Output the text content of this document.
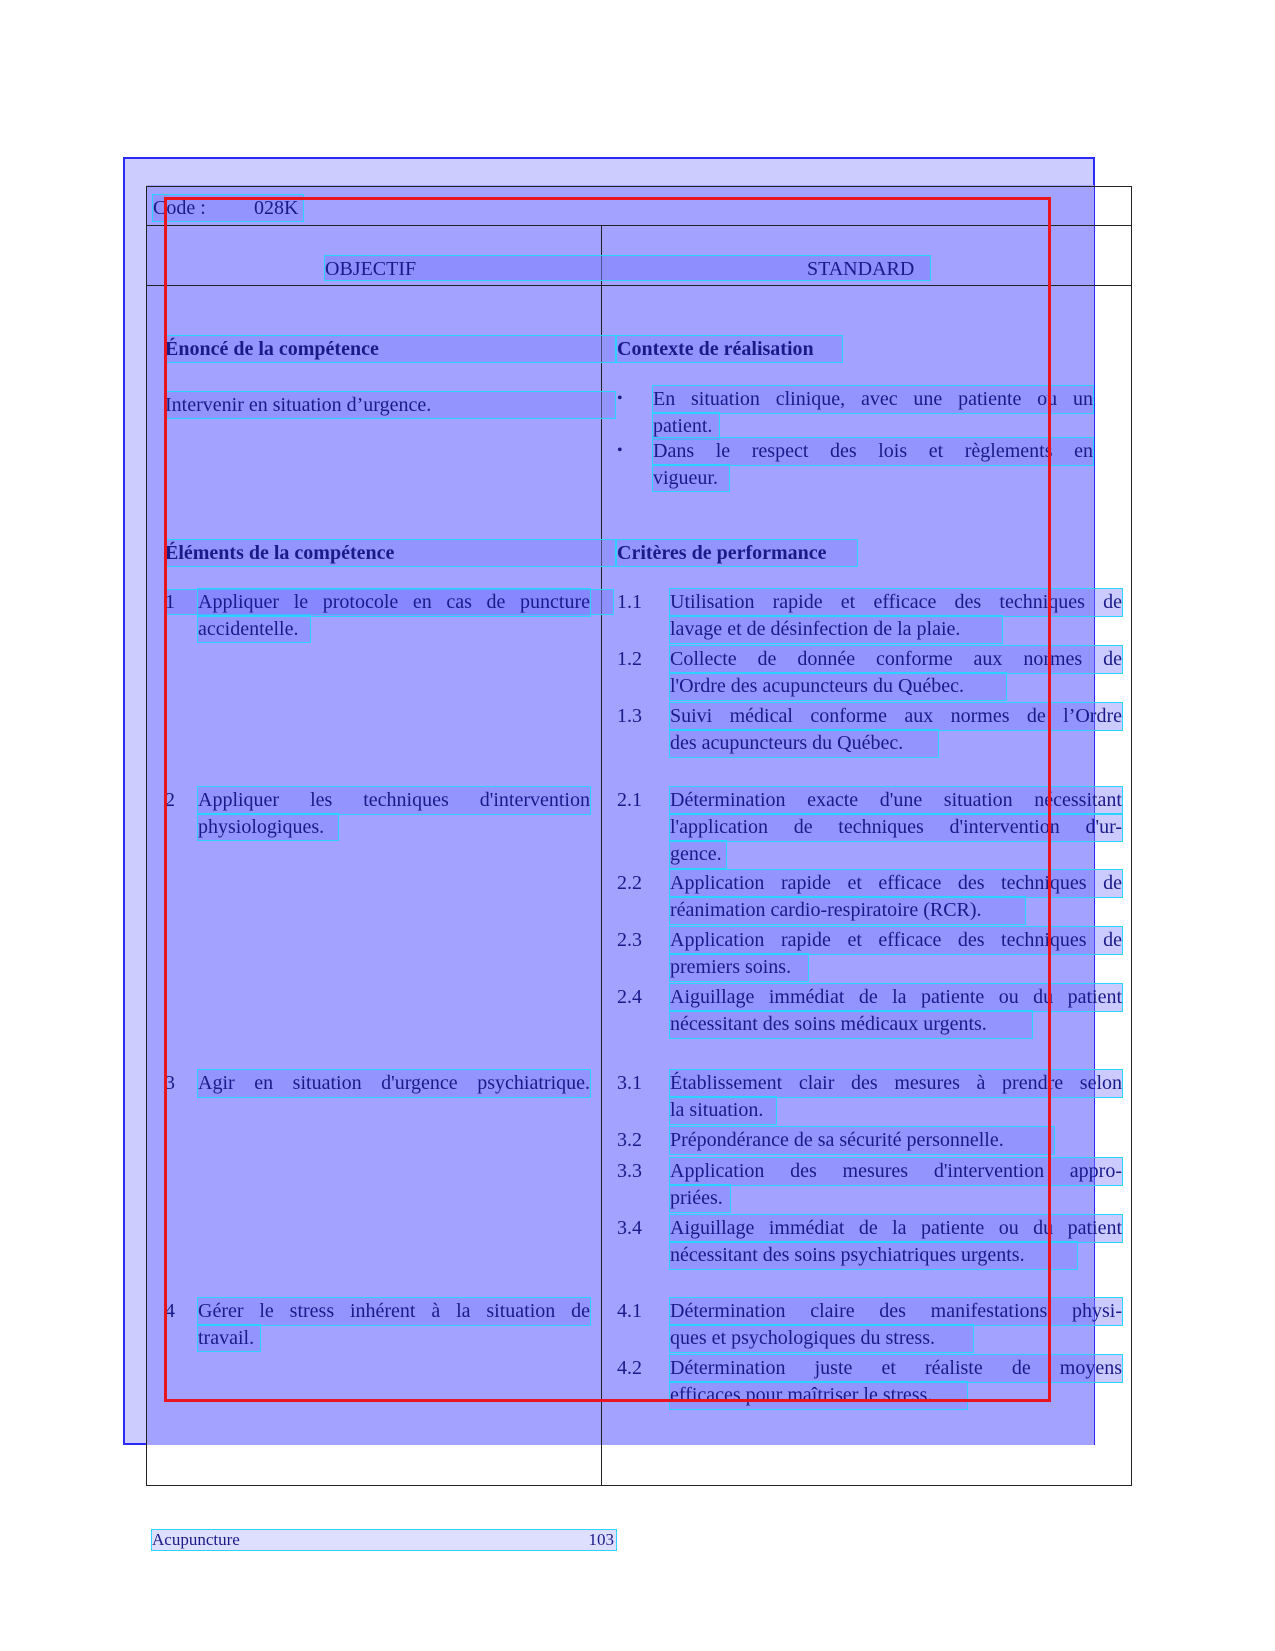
Code : 028K
OBJECTIF	STANDARD
Énoncé de la compétence
Intervenir en situation d’urgence.
Éléments de la compétence
1 Appliquer le protocole en cas de puncture
accidentelle.
2 Appliquer les techniques d'intervention
physiologiques.
3 Agir en situation d'urgence psychiatrique.
4 Gérer le stress inhérent à la situation de
travail.
Contexte de réalisation
• En situation clinique, avec une patiente ou un
patient.
• Dans le respect des lois et règlements en
vigueur.
Critères de performance
1.1 Utilisation rapide et efficace des techniques de
lavage et de désinfection de la plaie.
1.2 Collecte de donnée conforme aux normes de
l'Ordre des acupuncteurs du Québec.
1.3 Suivi médical conforme aux normes de l’Ordre
des acupuncteurs du Québec.
2.1 Détermination exacte d'une situation nécessitant
l'application de techniques d'intervention d'ur-
gence.
2.2 Application rapide et efficace des techniques de
réanimation cardio-respiratoire (RCR).
2.3 Application rapide et efficace des techniques de
premiers soins.
2.4 Aiguillage immédiat de la patiente ou du patient
nécessitant des soins médicaux urgents.
3.1 Établissement clair des mesures à prendre selon
la situation.
3.2 Prépondérance de sa sécurité personnelle.
3.3 Application des mesures d'intervention appro-
priées.
3.4 Aiguillage immédiat de la patiente ou du patient
nécessitant des soins psychiatriques urgents.
4.1 Détermination claire des manifestations physi-
ques et psychologiques du stress.
4.2 Détermination juste et réaliste de moyens
efficaces pour maîtriser le stress.
Acupuncture	103
